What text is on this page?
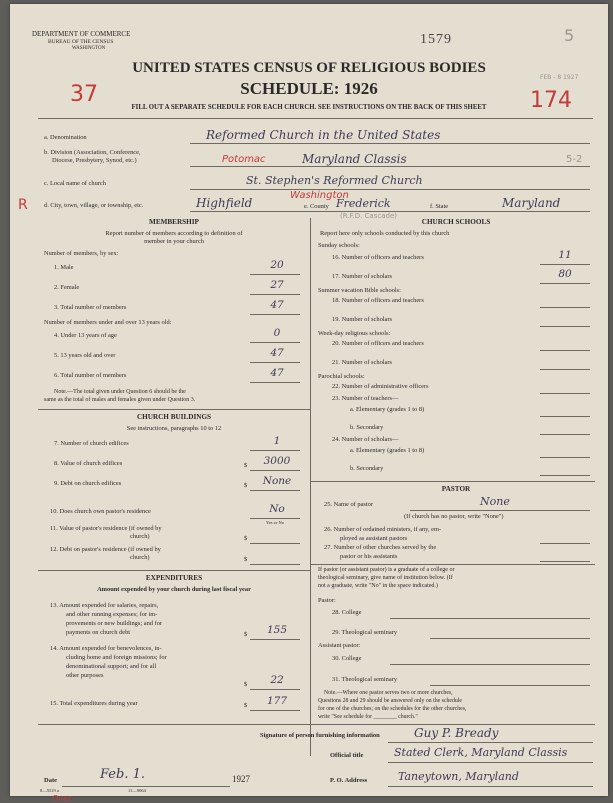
DEPARTMENT OF COMMERCE
BUREAU OF THE CENSUS
WASHINGTON
1579	5
UNITED STATES CENSUS OF RELIGIOUS BODIES
SCHEDULE: 1926
37	174
FEB - 8 1927
FILL OUT A SEPARATE SCHEDULE FOR EACH CHURCH. SEE INSTRUCTIONS ON THE BACK OF THIS SHEET
a. Denomination	Reformed Church in the United States
b. Division (Association, Conference,
Diocese, Presbytery, Synod, etc.)	Potomac	Maryland Classis	5-2
c. Local name of church	St. Stephen's Reformed Church
R	d. City, town, village, or township, etc.	Highfield
Washington
e. County Frederick	f. State	Maryland
(R.F.D. Cascade)
MEMBERSHIP
Report number of members according to definition of
member in your church
Number of members, by sex:
1. Male	20
2. Female	27
3. Total number of members	47
Number of members under and over 13 years old:
4. Under 13 years of age	0
5. 13 years old and over	47
6. Total number of members	47
Note.—The total given under Question 6 should be the
same as the total of males and females given under Question 3.
CHURCH BUILDINGS
See instructions, paragraphs 10 to 12
7. Number of church edifices	1
8. Value of church edifices	$	3000
9. Debt on church edifices	$	None
10. Does church own pastor's residence	No
Yes or No
11. Value of pastor's residence (if owned by
church)	$
12. Debt on pastor's residence (if owned by
church)	$
EXPENDITURES
Amount expended by your church during last fiscal year
13. Amount expended for salaries, repairs,
and other running expenses; for im-
provements or new buildings; and for
payments on church debt	$	155
14. Amount expended for benevolences, in-
cluding home and foreign missions; for
denominational support; and for all
other purposes
$	22
15. Total expenditures during year	$	177
CHURCH SCHOOLS
Report here only schools conducted by this church
Sunday schools:
16. Number of officers and teachers	11
17. Number of scholars	80
Summer vacation Bible schools:
18. Number of officers and teachers
19. Number of scholars
Week-day religious schools:
20. Number of officers and teachers
21. Number of scholars
Parochial schools:
22. Number of administrative officers
23. Number of teachers—
a. Elementary (grades 1 to 8)
b. Secondary
24. Number of scholars—
a. Elementary (grades 1 to 8)
b. Secondary
PASTOR
25. Name of pastor	None
(If church has no pastor, write "None")
26. Number of ordained ministers, if any, em-
ployed as assistant pastors
27. Number of other churches served by the
pastor or his assistants
If pastor (or assistant pastor) is a graduate of a college or
theological seminary, give name of institution below. (If
not a graduate, write "No" in the space indicated.)
Pastor:
28. College
29. Theological seminary
Assistant pastor:
30. College
31. Theological seminary
Note.—Where one pastor serves two or more churches,
Questions 28 and 29 should be answered only on the schedule
for one of the churches; on the schedules for the other churches,
write "See schedule for ________ church."
Signature of person furnishing information	Guy P. Bready
Official title	Stated Clerk, Maryland Classis
Date	Feb. 1.	1927
8—5519 a	11—9064
P. O. Address	Taneytown, Maryland
Over
